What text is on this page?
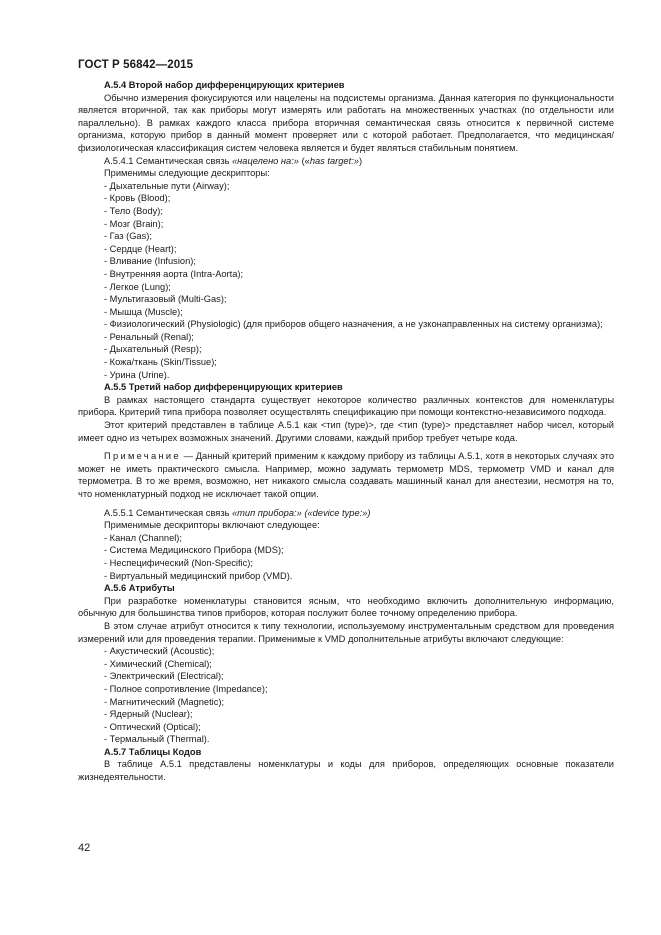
ГОСТ Р 56842—2015

А.5.4 Второй набор дифференцирующих критериев

Обычно измерения фокусируются или нацелены на подсистемы организма. Данная категория по функциональности является вторичной, так как приборы могут измерять или работать на множественных участках (по отдельности или параллельно). В рамках каждого класса прибора вторичная семантическая связь относится к первичной системе организма, которую прибор в данный момент проверяет или с которой работает. Предполагается, что медицинская/физиологическая классификация систем человека является и будет являться стабильным понятием.

А.5.4.1 Семантическая связь «нацелено на:» («has target:»)

Применимы следующие дескрипторы:

- Дыхательные пути (Airway);

- Кровь (Blood);

- Тело (Body);

- Мозг (Brain);

- Газ (Gas);

- Сердце (Heart);

- Вливание (Infusion);

- Внутренняя аорта (Intra-Aorta);

- Легкое (Lung);

- Мультигазовый (Multi-Gas);

- Мышца (Muscle);

- Физиологический (Physiologic) (для приборов общего назначения, а не узконаправленных на систему организма);

- Ренальный (Renal);

- Дыхательный (Resp);

- Кожа/ткань (Skin/Tissue);

- Урина (Urine).

А.5.5 Третий набор дифференцирующих критериев

В рамках настоящего стандарта существует некоторое количество различных контекстов для номенклатуры прибора. Критерий типа прибора позволяет осуществлять спецификацию при помощи контекстно-независимого подхода.

Этот критерий представлен в таблице А.5.1 как <тип (type)>, где <тип (type)> представляет набор чисел, который имеет одно из четырех возможных значений. Другими словами, каждый прибор требует четыре кода.

Примечание — Данный критерий применим к каждому прибору из таблицы А.5.1, хотя в некоторых случаях это может не иметь практического смысла. Например, можно задумать термометр MDS, термометр VMD и канал для термометра. В то же время, возможно, нет никакого смысла создавать машинный канал для анестезии, несмотря на то, что номенклатурный подход не исключает такой опции.

А.5.5.1 Семантическая связь «тип прибора:» («device type:»)

Применимые дескрипторы включают следующее:

- Канал (Channel);

- Система Медицинского Прибора (MDS);

- Неспецифический (Non-Specific);

- Виртуальный медицинский прибор (VMD).

А.5.6 Атрибуты

При разработке номенклатуры становится ясным, что необходимо включить дополнительную информацию, обычную для большинства типов приборов, которая послужит более точному определению прибора.

В этом случае атрибут относится к типу технологии, используемому инструментальным средством для проведения измерений или для проведения терапии. Применимые к VMD дополнительные атрибуты включают следующие:

- Акустический (Acoustic);

- Химический (Chemical);

- Электрический (Electrical);

- Полное сопротивление (Impedance);

- Магнитический (Magnetic);

- Ядерный (Nuclear);

- Оптический (Optical);

- Термальный (Thermal).

А.5.7 Таблицы Кодов

В таблице А.5.1 представлены номенклатуры и коды для приборов, определяющих основные показатели жизнедеятельности.

42
